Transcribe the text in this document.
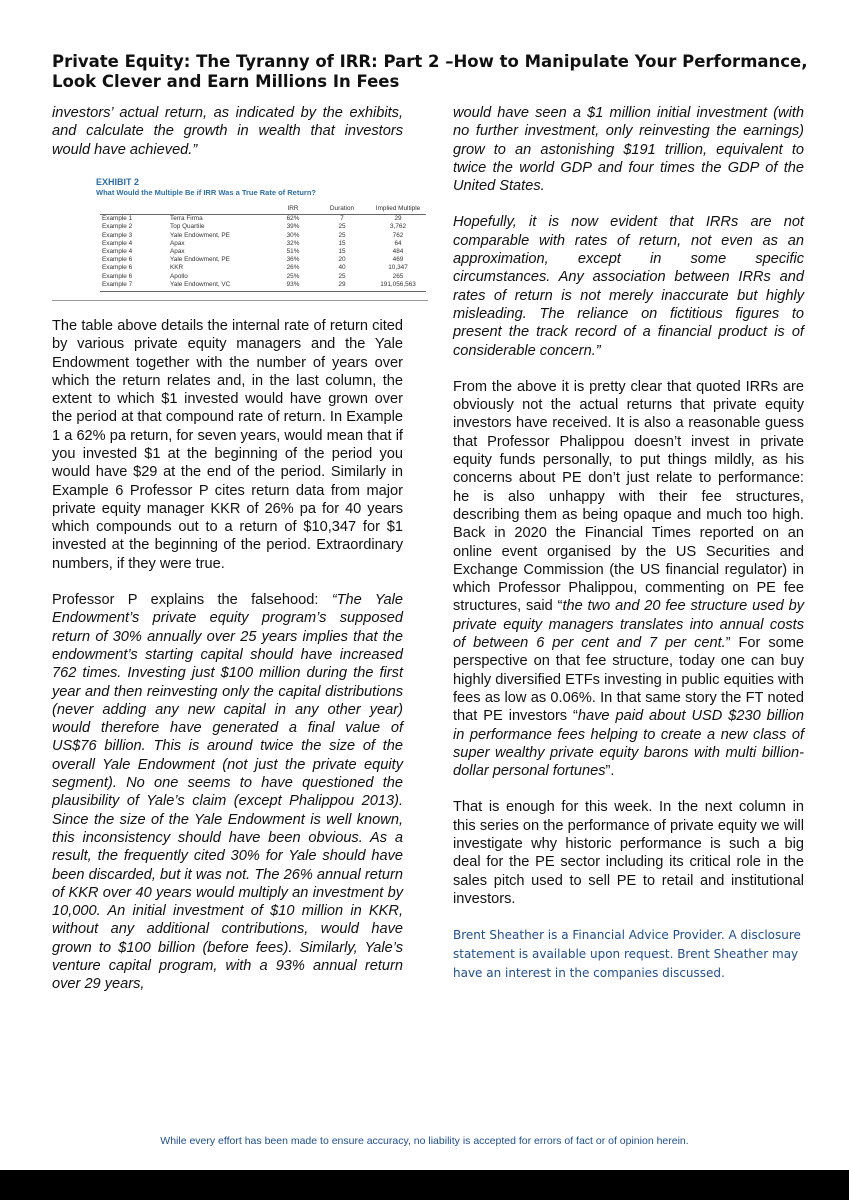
Private Equity: The Tyranny of IRR: Part 2 –How to Manipulate Your Performance, Look Clever and Earn Millions In Fees

investors’ actual return, as indicated by the exhibits, and calculate the growth in wealth that investors would have achieved.”

EXHIBIT 2
What Would the Multiple Be if IRR Was a True Rate of Return?
		IRR	Duration	Implied Multiple
Example 1	Terra Firma	62%	7	29
Example 2	Top Quartile	39%	25	3,762
Example 3	Yale Endowment, PE	30%	25	762
Example 4	Apax	32%	15	64
Example 4	Apax	51%	15	484
Example 6	Yale Endowment, PE	36%	20	469
Example 6	KKR	26%	40	10,347
Example 6	Apollo	25%	25	265
Example 7	Yale Endowment, VC	93%	29	191,056,563

The table above details the internal rate of return cited by various private equity managers and the Yale Endowment together with the number of years over which the return relates and, in the last column, the extent to which $1 invested would have grown over the period at that compound rate of return. In Example 1 a 62% pa return, for seven years, would mean that if you invested $1 at the beginning of the period you would have $29 at the end of the period. Similarly in Example 6 Professor P cites return data from major private equity manager KKR of 26% pa for 40 years which compounds out to a return of $10,347 for $1 invested at the beginning of the period. Extraordinary numbers, if they were true.

Professor P explains the falsehood: “The Yale Endowment’s private equity program’s supposed return of 30% annually over 25 years implies that the endowment’s starting capital should have increased 762 times. Investing just $100 million during the first year and then reinvesting only the capital distributions (never adding any new capital in any other year) would therefore have generated a final value of US$76 billion. This is around twice the size of the overall Yale Endowment (not just the private equity segment). No one seems to have questioned the plausibility of Yale’s claim (except Phalippou 2013). Since the size of the Yale Endowment is well known, this inconsistency should have been obvious. As a result, the frequently cited 30% for Yale should have been discarded, but it was not. The 26% annual return of KKR over 40 years would multiply an investment by 10,000. An initial investment of $10 million in KKR, without any additional contributions, would have grown to $100 billion (before fees). Similarly, Yale’s venture capital program, with a 93% annual return over 29 years,

would have seen a $1 million initial investment (with no further investment, only reinvesting the earnings) grow to an astonishing $191 trillion, equivalent to twice the world GDP and four times the GDP of the United States.

Hopefully, it is now evident that IRRs are not comparable with rates of return, not even as an approximation, except in some specific circumstances. Any association between IRRs and rates of return is not merely inaccurate but highly misleading. The reliance on fictitious figures to present the track record of a financial product is of considerable concern.”

From the above it is pretty clear that quoted IRRs are obviously not the actual returns that private equity investors have received. It is also a reasonable guess that Professor Phalippou doesn’t invest in private equity funds personally, to put things mildly, as his concerns about PE don’t just relate to performance: he is also unhappy with their fee structures, describing them as being opaque and much too high. Back in 2020 the Financial Times reported on an online event organised by the US Securities and Exchange Commission (the US financial regulator) in which Professor Phalippou, commenting on PE fee structures, said “the two and 20 fee structure used by private equity managers translates into annual costs of between 6 per cent and 7 per cent.” For some perspective on that fee structure, today one can buy highly diversified ETFs investing in public equities with fees as low as 0.06%. In that same story the FT noted that PE investors “have paid about USD $230 billion in performance fees helping to create a new class of super wealthy private equity barons with multi billion-dollar personal fortunes”.

That is enough for this week. In the next column in this series on the performance of private equity we will investigate why historic performance is such a big deal for the PE sector including its critical role in the sales pitch used to sell PE to retail and institutional investors.

Brent Sheather is a Financial Advice Provider. A disclosure statement is available upon request. Brent Sheather may have an interest in the companies discussed.
While every effort has been made to ensure accuracy, no liability is accepted for errors of fact or of opinion herein.
